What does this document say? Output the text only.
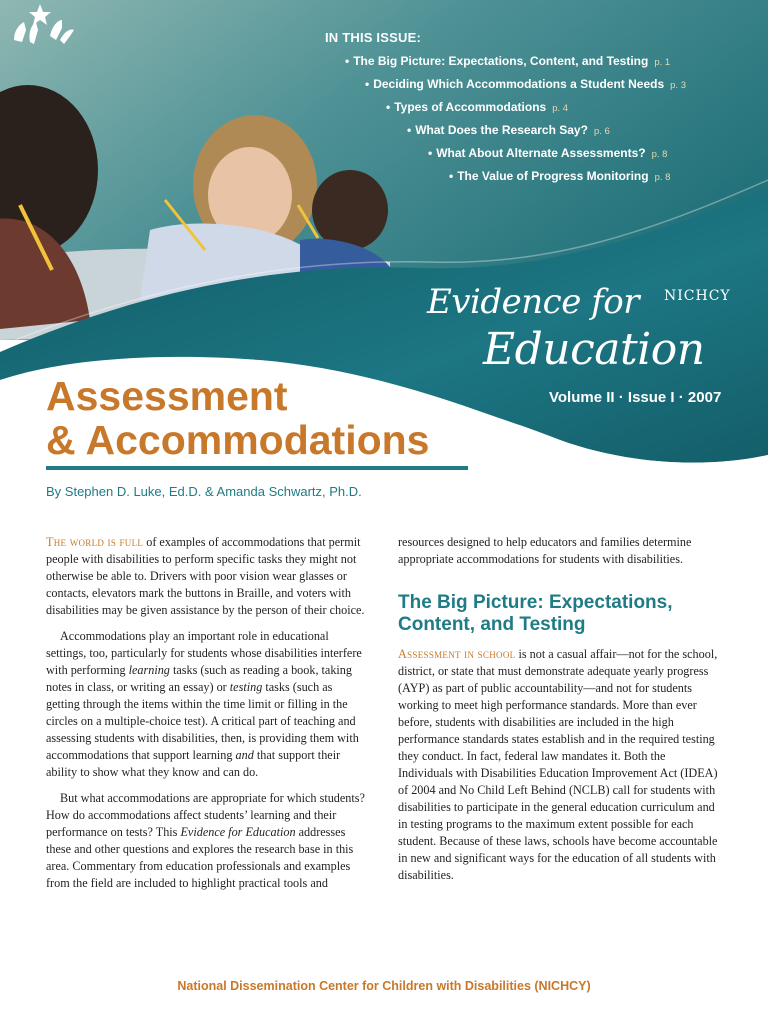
IN THIS ISSUE:
• The Big Picture: Expectations, Content, and Testing p. 1
• Deciding Which Accommodations a Student Needs p. 3
• Types of Accommodations p. 4
• What Does the Research Say? p. 6
• What About Alternate Assessments? p. 8
• The Value of Progress Monitoring p. 8
NICHCY
Evidence for
Education
Volume II · Issue I · 2007
Assessment
& Accommodations
By Stephen D. Luke, Ed.D. & Amanda Schwartz, Ph.D.

The world is full of examples of accommodations that permit people with disabilities to perform specific tasks they might not otherwise be able to. Drivers with poor vision wear glasses or contacts, elevators mark the buttons in Braille, and voters with disabilities may be given assistance by the person of their choice.

Accommodations play an important role in educational settings, too, particularly for students whose disabilities interfere with performing learning tasks (such as reading a book, taking notes in class, or writing an essay) or testing tasks (such as getting through the items within the time limit or filling in the circles on a multiple-choice test). A critical part of teaching and assessing students with disabilities, then, is providing them with accommodations that support learning and that support their ability to show what they know and can do.

But what accommodations are appropriate for which students? How do accommodations affect students’ learning and their performance on tests? This Evidence for Education addresses these and other questions and explores the research base in this area. Commentary from education professionals and examples from the field are included to highlight practical tools and

resources designed to help educators and families determine appropriate accommodations for students with disabilities.

The Big Picture: Expectations, Content, and Testing

Assessment in school is not a casual affair—not for the school, district, or state that must demonstrate adequate yearly progress (AYP) as part of public accountability—and not for students working to meet high performance standards. More than ever before, students with disabilities are included in the high performance standards states establish and in the required testing they conduct. In fact, federal law mandates it. Both the Individuals with Disabilities Education Improvement Act (IDEA) of 2004 and No Child Left Behind (NCLB) call for students with disabilities to participate in the general education curriculum and in testing programs to the maximum extent possible for each student. Because of these laws, schools have become accountable in new and significant ways for the education of all students with disabilities.

National Dissemination Center for Children with Disabilities (NICHCY)
